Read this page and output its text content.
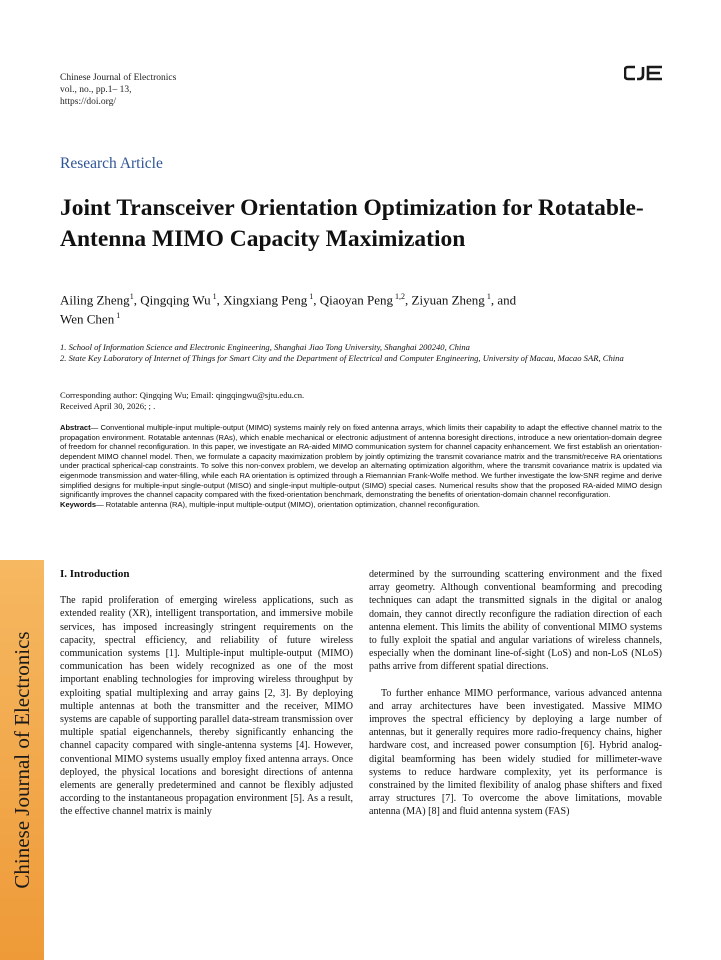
Chinese Journal of Electronics
Chinese Journal of Electronics
vol., no., pp.1– 13,
https://doi.org/
Research Article
Joint Transceiver Orientation Optimization for Rotatable-Antenna MIMO Capacity Maximization
Ailing Zheng$^1$, Qingqing Wu $^1$, Xingxiang Peng $^1$, Qiaoyan Peng $^{1,2}$, Ziyuan Zheng $^1$, and
Wen Chen $^1$
1. School of Information Science and Electronic Engineering, Shanghai Jiao Tong University, Shanghai 200240, China
2. State Key Laboratory of Internet of Things for Smart City and the Department of Electrical and Computer Engineering, University of Macau, Macao SAR, China
Corresponding author: Qingqing Wu; Email: qingqingwu@sjtu.edu.cn.
Received April 30, 2026; ; .
Abstract— Conventional multiple-input multiple-output (MIMO) systems mainly rely on fixed antenna arrays, which limits their capability to adapt the effective channel matrix to the propagation environment. Rotatable antennas (RAs), which enable mechanical or electronic adjustment of antenna boresight directions, introduce a new orientation-domain degree of freedom for channel reconfiguration. In this paper, we investigate an RA-aided MIMO communication system for channel capacity enhancement. We first establish an orientation-dependent MIMO channel model. Then, we formulate a capacity maximization problem by jointly optimizing the transmit covariance matrix and the transmit/receive RA orientations under practical spherical-cap constraints. To solve this non-convex problem, we develop an alternating optimization algorithm, where the transmit covariance matrix is updated via eigenmode transmission and water-filling, while each RA orientation is optimized through a Riemannian Frank-Wolfe method. We further investigate the low-SNR regime and derive simplified designs for multiple-input single-output (MISO) and single-input multiple-output (SIMO) special cases. Numerical results show that the proposed RA-aided MIMO design significantly improves the channel capacity compared with the fixed-orientation benchmark, demonstrating the benefits of orientation-domain channel reconfiguration.
Keywords— Rotatable antenna (RA), multiple-input multiple-output (MIMO), orientation optimization, channel reconfiguration.
I. Introduction

The rapid proliferation of emerging wireless applications, such as extended reality (XR), intelligent transportation, and immersive mobile services, has imposed increasingly stringent requirements on the capacity, spectral efficiency, and reliability of future wireless communication systems [1]. Multiple-input multiple-output (MIMO) communication has been widely recognized as one of the most important enabling technologies for improving wireless throughput by exploiting spatial multiplexing and array gains [2, 3]. By deploying multiple antennas at both the transmitter and the receiver, MIMO systems are capable of supporting parallel data-stream transmission over multiple spatial eigenchannels, thereby significantly enhancing the channel capacity compared with single-antenna systems [4]. However, conventional MIMO systems usually employ fixed antenna arrays. Once deployed, the physical locations and boresight directions of antenna elements are generally predetermined and cannot be flexibly adjusted according to the instantaneous propagation environment [5]. As a result, the effective channel matrix is mainly

determined by the surrounding scattering environment and the fixed array geometry. Although conventional beamforming and precoding techniques can adapt the transmitted signals in the digital or analog domain, they cannot directly reconfigure the radiation direction of each antenna element. This limits the ability of conventional MIMO systems to fully exploit the spatial and angular variations of wireless channels, especially when the dominant line-of-sight (LoS) and non-LoS (NLoS) paths arrive from different spatial directions.

To further enhance MIMO performance, various advanced antenna and array architectures have been investigated. Massive MIMO improves the spectral efficiency by deploying a large number of antennas, but it generally requires more radio-frequency chains, higher hardware cost, and increased power consumption [6]. Hybrid analog-digital beamforming has been widely studied for millimeter-wave systems to reduce hardware complexity, yet its performance is constrained by the limited flexibility of analog phase shifters and fixed array structures [7]. To overcome the above limitations, movable antenna (MA) [8] and fluid antenna system (FAS)
